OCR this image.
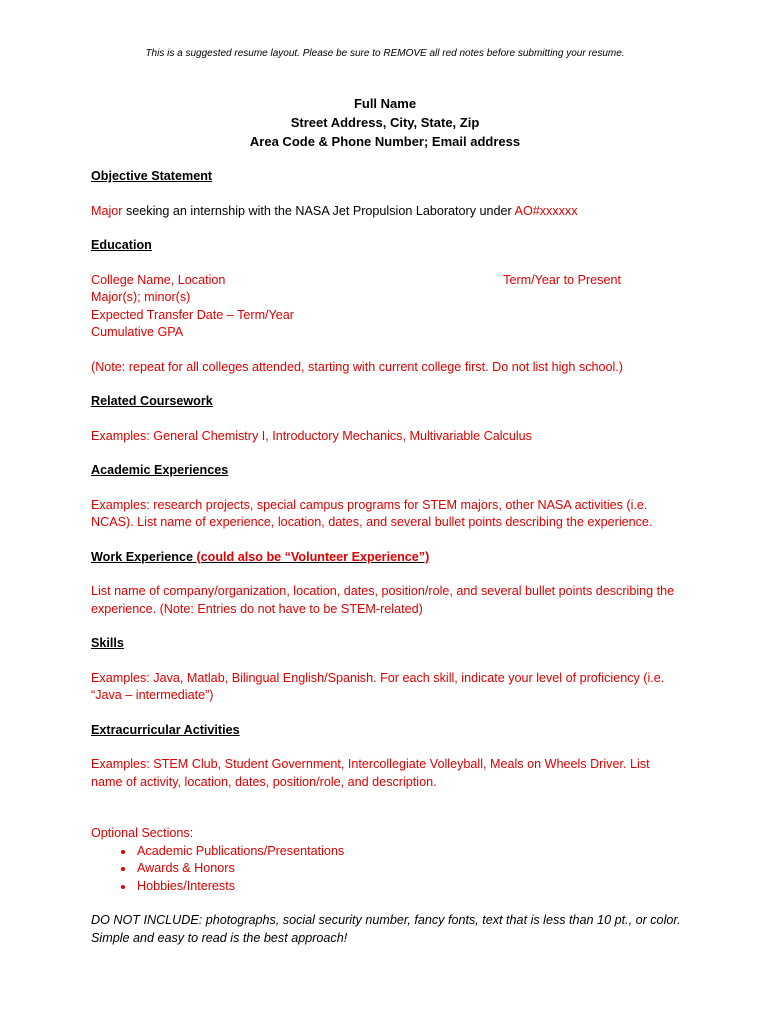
This is a suggested resume layout. Please be sure to REMOVE all red notes before submitting your resume.
Full Name
Street Address, City, State, Zip
Area Code & Phone Number; Email address

Objective Statement

Major seeking an internship with the NASA Jet Propulsion Laboratory under AO#xxxxxx

Education

College Name, Location	Term/Year to Present

Major(s); minor(s)

Expected Transfer Date – Term/Year

Cumulative GPA

(Note: repeat for all colleges attended, starting with current college first. Do not list high school.)

Related Coursework

Examples: General Chemistry I, Introductory Mechanics, Multivariable Calculus

Academic Experiences

Examples: research projects, special campus programs for STEM majors, other NASA activities (i.e. NCAS). List name of experience, location, dates, and several bullet points describing the experience.

Work Experience (could also be “Volunteer Experience”)

List name of company/organization, location, dates, position/role, and several bullet points describing the experience. (Note: Entries do not have to be STEM-related)

Skills

Examples: Java, Matlab, Bilingual English/Spanish. For each skill, indicate your level of proficiency (i.e. “Java – intermediate”)

Extracurricular Activities

Examples: STEM Club, Student Government, Intercollegiate Volleyball, Meals on Wheels Driver. List name of activity, location, dates, position/role, and description.

Optional Sections:

• Academic Publications/Presentations
• Awards & Honors
• Hobbies/Interests

DO NOT INCLUDE: photographs, social security number, fancy fonts, text that is less than 10 pt., or color. Simple and easy to read is the best approach!
